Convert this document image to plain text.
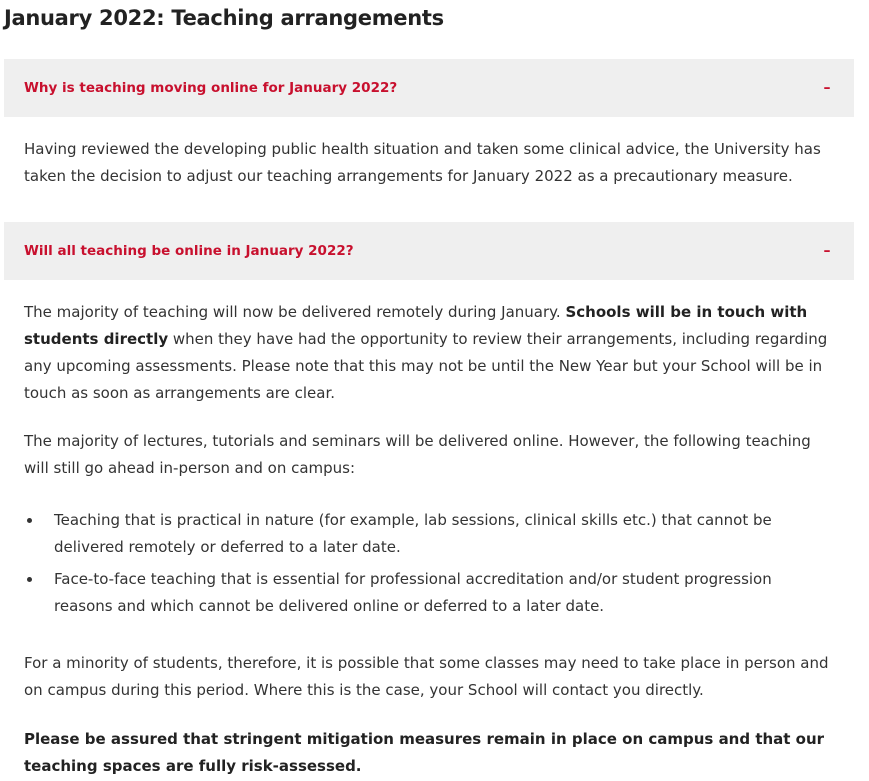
January 2022: Teaching arrangements
Why is teaching moving online for January 2022?	–

Having reviewed the developing public health situation and taken some clinical advice, the University has taken the decision to adjust our teaching arrangements for January 2022 as a precautionary measure.

Will all teaching be online in January 2022?	–

The majority of teaching will now be delivered remotely during January. Schools will be in touch with students directly when they have had the opportunity to review their arrangements, including regarding any upcoming assessments. Please note that this may not be until the New Year but your School will be in touch as soon as arrangements are clear.

The majority of lectures, tutorials and seminars will be delivered online. However, the following teaching will still go ahead in-person and on campus:

Teaching that is practical in nature (for example, lab sessions, clinical skills etc.) that cannot be delivered remotely or deferred to a later date.
Face-to-face teaching that is essential for professional accreditation and/or student progression reasons and which cannot be delivered online or deferred to a later date.

For a minority of students, therefore, it is possible that some classes may need to take place in person and on campus during this period. Where this is the case, your School will contact you directly.

Please be assured that stringent mitigation measures remain in place on campus and that our teaching spaces are fully risk-assessed.
